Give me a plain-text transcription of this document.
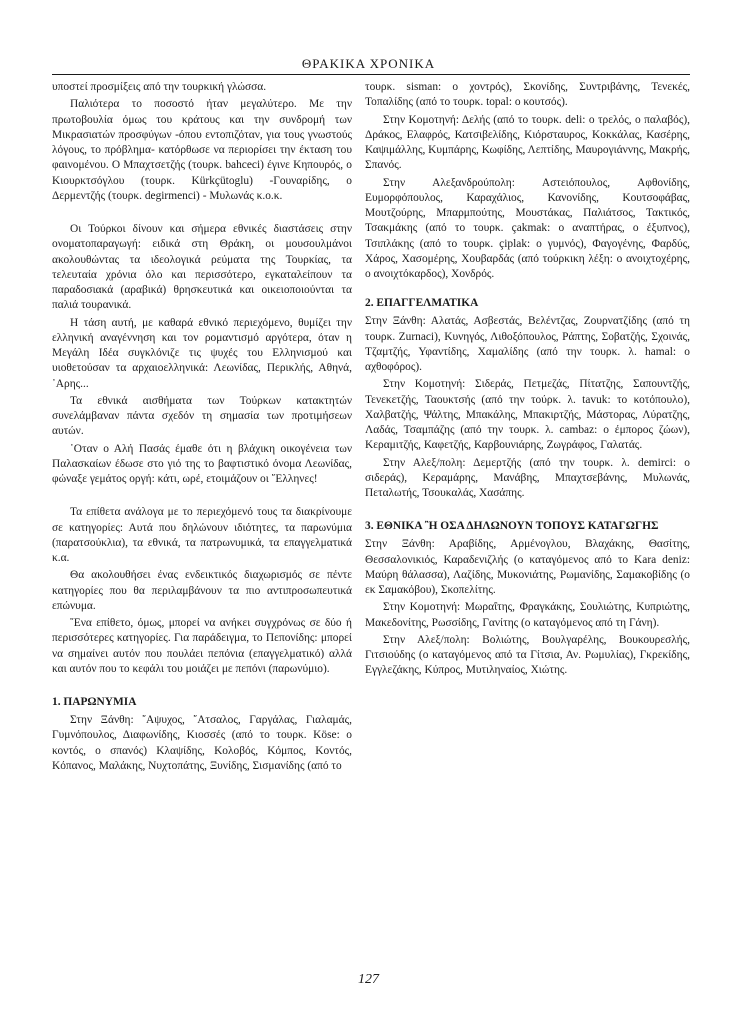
ΘΡΑΚΙΚΑ ΧΡΟΝΙΚΑ

υποστεί προσμίξεις από την τουρκική γλώσσα.

Παλιότερα το ποσοστό ήταν μεγαλύτερο. Με την πρωτοβουλία όμως του κράτους και την συνδρομή των Μικρασιατών προσφύγων -όπου εντοπιζόταν, για τους γνωστούς λόγους, το πρόβλημα- κατόρθωσε να περιορίσει την έκταση του φαινομένου. Ο Μπαχτσετζής (τουρκ. bahceci) έγινε Κηπουρός, ο Κιουρκτσόγλου (τουρκ. Kürkçütoglu) -Γουναρίδης, ο Δερμεντζής (τουρκ. degirmenci) - Μυλωνάς κ.ο.κ.

Οι Τούρκοι δίνουν και σήμερα εθνικές διαστάσεις στην ονοματοπαραγωγή: ειδικά στη Θράκη, οι μουσουλμάνοι ακολουθώντας τα ιδεολογικά ρεύματα της Τουρκίας, τα τελευταία χρόνια όλο και περισσότερο, εγκαταλείπουν τα παραδοσιακά (αραβικά) θρησκευτικά και οικειοποιούνται τα παλιά τουρανικά.

Η τάση αυτή, με καθαρά εθνικό περιεχόμενο, θυμίζει την ελληνική αναγέννηση και τον ρομαντισμό αργότερα, όταν η Μεγάλη Ιδέα συγκλόνιζε τις ψυχές του Ελληνισμού και υιοθετούσαν τα αρχαιοελληνικά: Λεωνίδας, Περικλής, Αθηνά, ᾿Αρης...

Τα εθνικά αισθήματα των Τούρκων κατακτητών συνελάμβαναν πάντα σχεδόν τη σημασία των προτιμήσεων αυτών.

῾Οταν ο Αλή Πασάς έμαθε ότι η βλάχικη οικογένεια των Παλασκαίων έδωσε στο γιό της το βαφτιστικό όνομα Λεωνίδας, φώναξε γεμάτος οργή: κάτι, ωρέ, ετοιμάζουν οι ῞Ελληνες!

Τα επίθετα ανάλογα με το περιεχόμενό τους τα διακρίνουμε σε κατηγορίες: Αυτά που δηλώνουν ιδιότητες, τα παρωνύμια (παρατσούκλια), τα εθνικά, τα πατρωνυμικά, τα επαγγελματικά κ.α.

Θα ακολουθήσει ένας ενδεικτικός διαχωρισμός σε πέντε κατηγορίες που θα περιλαμβάνουν τα πιο αντιπροσωπευτικά επώνυμα.

῞Ενα επίθετο, όμως, μπορεί να ανήκει συγχρόνως σε δύο ή περισσότερες κατηγορίες. Για παράδειγμα, το Πεπονίδης: μπορεί να σημαίνει αυτόν που πουλάει πεπόνια (επαγγελματικό) αλλά και αυτόν που το κεφάλι του μοιάζει με πεπόνι (παρωνύμιο).

1. ΠΑΡΩΝΥΜΙΑ

Στην Ξάνθη: ῎Αψυχος, ῎Ατσαλος, Γαργάλας, Γιαλαμάς, Γυμνόπουλος, Διαφωνίδης, Κιοσσές (από το τουρκ. Köse: ο κοντός, ο σπανός) Κλαψίδης, Κολοβός, Κόμπος, Κοντός, Κόπανος, Μαλάκης, Νυχτοπάτης, Ξυνίδης, Σισμανίδης (από το

τουρκ. sisman: ο χοντρός), Σκονίδης, Συντριβάνης, Τενεκές, Τοπαλίδης (από το τουρκ. topal: ο κουτσός).

Στην Κομοτηνή: Δελής (από το τουρκ. deli: ο τρελός, ο παλαβός), Δράκος, Ελαφρός, Κατσιβελίδης, Κιόρσταυρος, Κοκκάλας, Κασέρης, Καψιμάλλης, Κυμπάρης, Κωφίδης, Λεπτίδης, Μαυρογιάννης, Μακρής, Σπανός.

Στην Αλεξανδρούπολη: Αστειόπουλος, Αφθονίδης, Ευμορφόπουλος, Καραχάλιος, Κανονίδης, Κουτσοφάβας, Μουτζούρης, Μπαρμπούτης, Μουστάκας, Παλιάτσος, Τακτικός, Τσακμάκης (από το τουρκ. çakmak: ο αναπτήρας, ο έξυπνος), Τσιπλάκης (από το τουρκ. çiplak: ο γυμνός), Φαγογένης, Φαρδύς, Χάρος, Χασομέρης, Χουβαρδάς (από τούρκικη λέξη: ο ανοιχτοχέρης, ο ανοιχτόκαρδος), Χονδρός.

2. ΕΠΑΓΓΕΛΜΑΤΙΚΑ

Στην Ξάνθη: Αλατάς, Ασβεστάς, Βελέντζας, Ζουρνατζίδης (από τη τουρκ. Zurnaci), Κυνηγός, Λιθοξόπουλος, Ράπτης, Σοβατζής, Σχοινάς, Τζαμτζής, Υφαντίδης, Χαμαλίδης (από την τουρκ. λ. hamal: ο αχθοφόρος).

Στην Κομοτηνή: Σιδεράς, Πετμεζάς, Πίτατζης, Σαπουντζής, Τενεκετζής, Ταουκτσής (από την τούρκ. λ. tavuk: το κοτόπουλο), Χαλβατζής, Ψάλτης, Μπακάλης, Μπακιρτζής, Μάστορας, Λύρατζης, Λαδάς, Τσαμπάζης (από την τουρκ. λ. cambaz: ο έμπορος ζώων), Κεραμιτζής, Καφετζής, Καρβουνιάρης, Ζωγράφος, Γαλατάς.

Στην Αλεξ/πολη: Δεμερτζής (από την τουρκ. λ. demirci: ο σιδεράς), Κεραμάρης, Μανάβης, Μπαχτσεβάνης, Μυλωνάς, Πεταλωτής, Τσουκαλάς, Χασάπης.

3. ΕΘΝΙΚΑ ῍Η ΟΣΑ ΔΗΛΩΝΟΥΝ ΤΟΠΟΥΣ ΚΑΤΑΓΩΓΗΣ

Στην Ξάνθη: Αραβίδης, Αρμένογλου, Βλαχάκης, Θασίτης, Θεσσαλονικιός, Καραδενιζλής (ο καταγόμενος από το Kara deniz: Μαύρη θάλασσα), Λαζίδης, Μυκονιάτης, Ρωμανίδης, Σαμακοβίδης (ο εκ Σαμακόβου), Σκοπελίτης.

Στην Κομοτηνή: Μωραΐτης, Φραγκάκης, Σουλιώτης, Κυπριώτης, Μακεδονίτης, Ρωσσίδης, Γανίτης (ο καταγόμενος από τη Γάνη).

Στην Αλεξ/πολη: Βολιώτης, Βουλγαρέλης, Βουκουρεσλής, Γιτσιούδης (ο καταγόμενος από τα Γίτσια, Αν. Ρωμυλίας), Γκρεκίδης, Εγγλεζάκης, Κύπρος, Μυτιληναίος, Χιώτης.

127
